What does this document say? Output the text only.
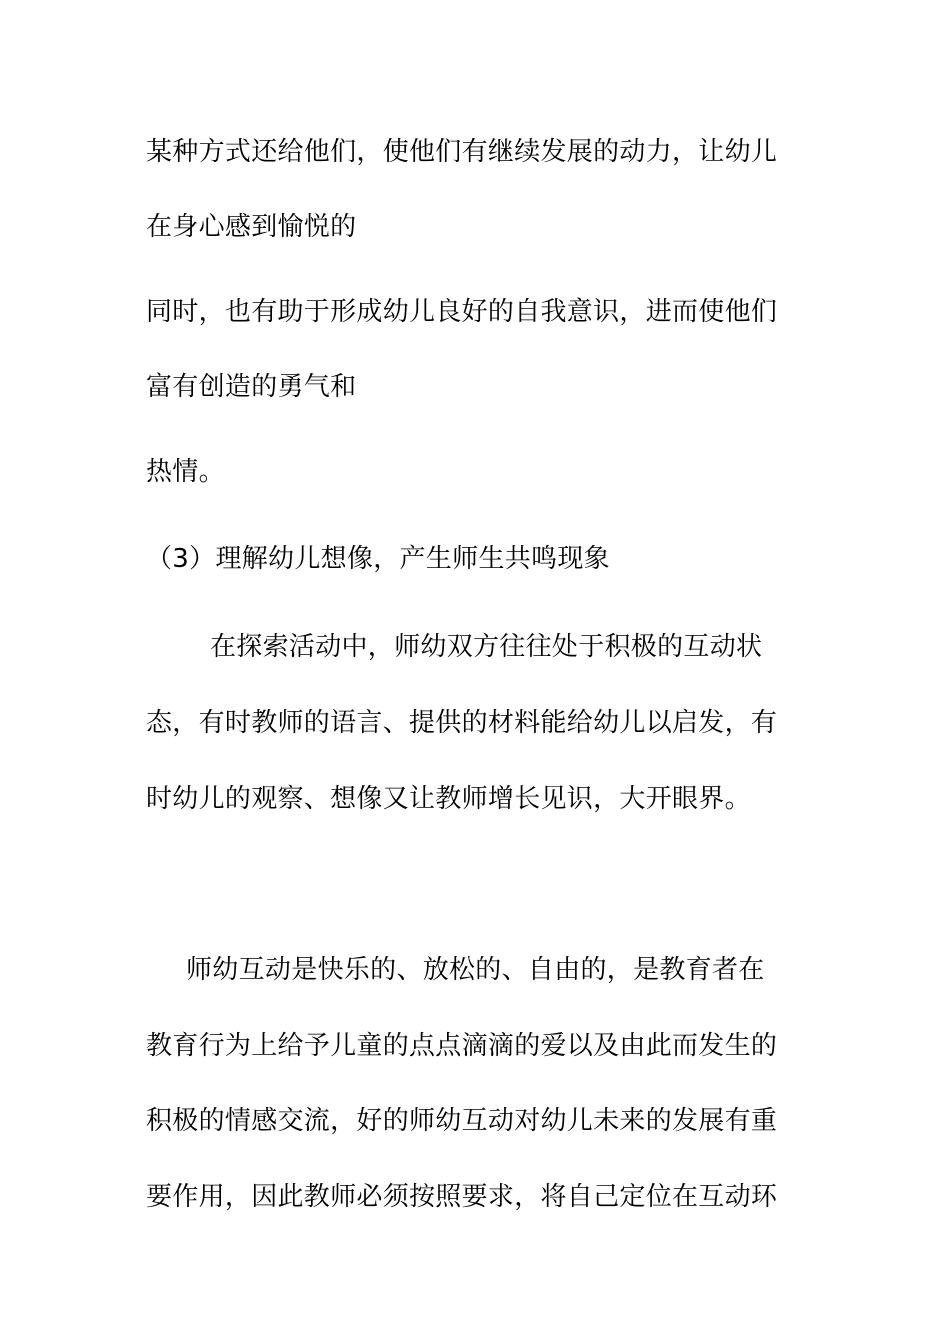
某种方式还给他们，使他们有继续发展的动力，让幼儿
在身心感到愉悦的
同时，也有助于形成幼儿良好的自我意识，进而使他们
富有创造的勇气和
热情。
（3）理解幼儿想像，产生师生共鸣现象
在探索活动中，师幼双方往往处于积极的互动状
态，有时教师的语言、提供的材料能给幼儿以启发，有
时幼儿的观察、想像又让教师增长见识，大开眼界。
师幼互动是快乐的、放松的、自由的，是教育者在
教育行为上给予儿童的点点滴滴的爱以及由此而发生的
积极的情感交流，好的师幼互动对幼儿未来的发展有重
要作用，因此教师必须按照要求，将自己定位在互动环
